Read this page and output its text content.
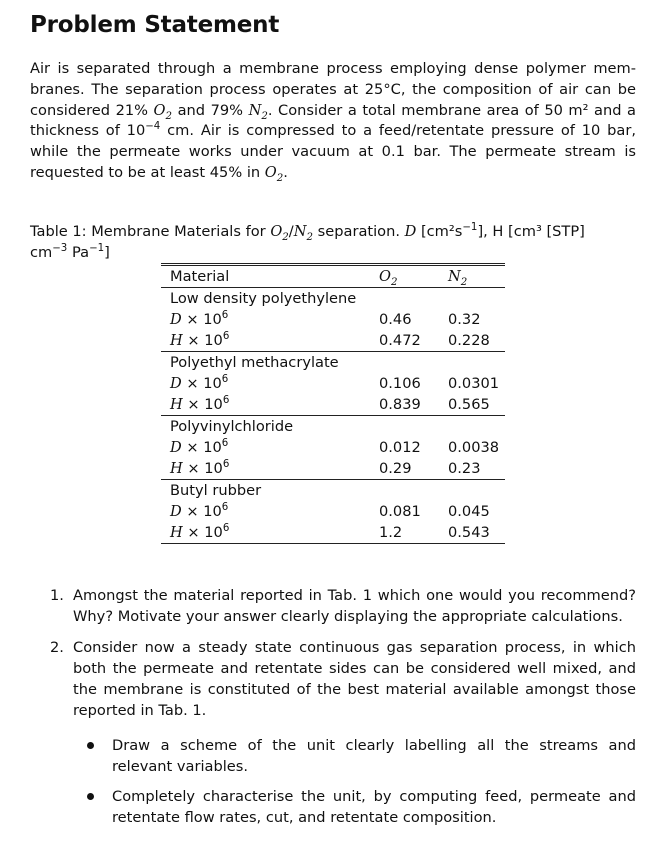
Problem Statement

Air is separated through a membrane process employing dense polymer mem- branes. The separation process operates at 25°C, the composition of air can be considered 21% $O_2$ and 79% $N_2$. Consider a total membrane area of 50 m² and a thickness of $10^{-4}$ cm. Air is compressed to a feed/retentate pressure of 10 bar, while the permeate works under vacuum at 0.1 bar. The permeate stream is requested to be at least 45% in $O_2$.

Table 1: Membrane Materials for $O_2/N_2$ separation. D $[cm^2s^{-1}]$, H [cm³ [STP]
$cm^{-3}$ $Pa^{-1}$]

Material	$O_2$	$N_2$
Low density polyethylene		
$D \times 10^6$	0.46	0.32
$H \times 10^6$	0.472	0.228
Polyethyl methacrylate		
$D \times 10^6$	0.106	0.0301
$H \times 10^6$	0.839	0.565
Polyvinylchloride		
$D \times 10^6$	0.012	0.0038
$H \times 10^6$	0.29	0.23
Butyl rubber		
$D \times 10^6$	0.081	0.045
$H \times 10^6$	1.2	0.543
1. Amongst the material reported in Tab. 1 which one would you recommend? Why? Motivate your answer clearly displaying the appropriate calculations.
2. Consider now a steady state continuous gas separation process, in which both the permeate and retentate sides can be considered well mixed, and the membrane is constituted of the best material available amongst those reported in Tab. 1.
Draw a scheme of the unit clearly labelling all the streams and relevant variables.
Completely characterise the unit, by computing feed, permeate and retentate flow rates, cut, and retentate composition.
